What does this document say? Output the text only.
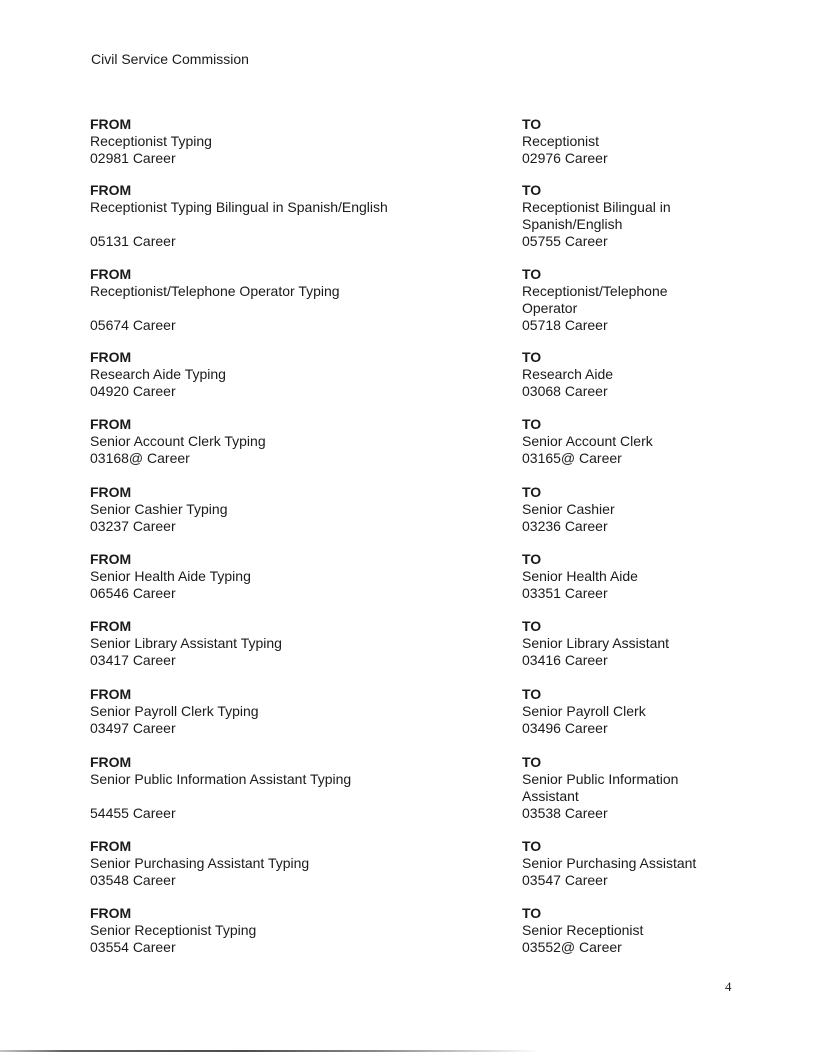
Civil Service Commission
FROM
Receptionist Typing
02981 Career
TO
Receptionist
02976 Career
FROM
Receptionist Typing Bilingual in Spanish/English
05131 Career
TO
Receptionist Bilingual in
Spanish/English
05755 Career
FROM
Receptionist/Telephone Operator Typing
05674 Career
TO
Receptionist/Telephone
Operator
05718 Career
FROM
Research Aide Typing
04920 Career
TO
Research Aide
03068 Career
FROM
Senior Account Clerk Typing
03168@ Career
TO
Senior Account Clerk
03165@ Career
FROM
Senior Cashier Typing
03237 Career
TO
Senior Cashier
03236 Career
FROM
Senior Health Aide Typing
06546 Career
TO
Senior Health Aide
03351 Career
FROM
Senior Library Assistant Typing
03417 Career
TO
Senior Library Assistant
03416 Career
FROM
Senior Payroll Clerk Typing
03497 Career
TO
Senior Payroll Clerk
03496 Career
FROM
Senior Public Information Assistant Typing
54455 Career
TO
Senior Public Information
Assistant
03538 Career
FROM
Senior Purchasing Assistant Typing
03548 Career
TO
Senior Purchasing Assistant
03547 Career
FROM
Senior Receptionist Typing
03554 Career
TO
Senior Receptionist
03552@ Career
4
